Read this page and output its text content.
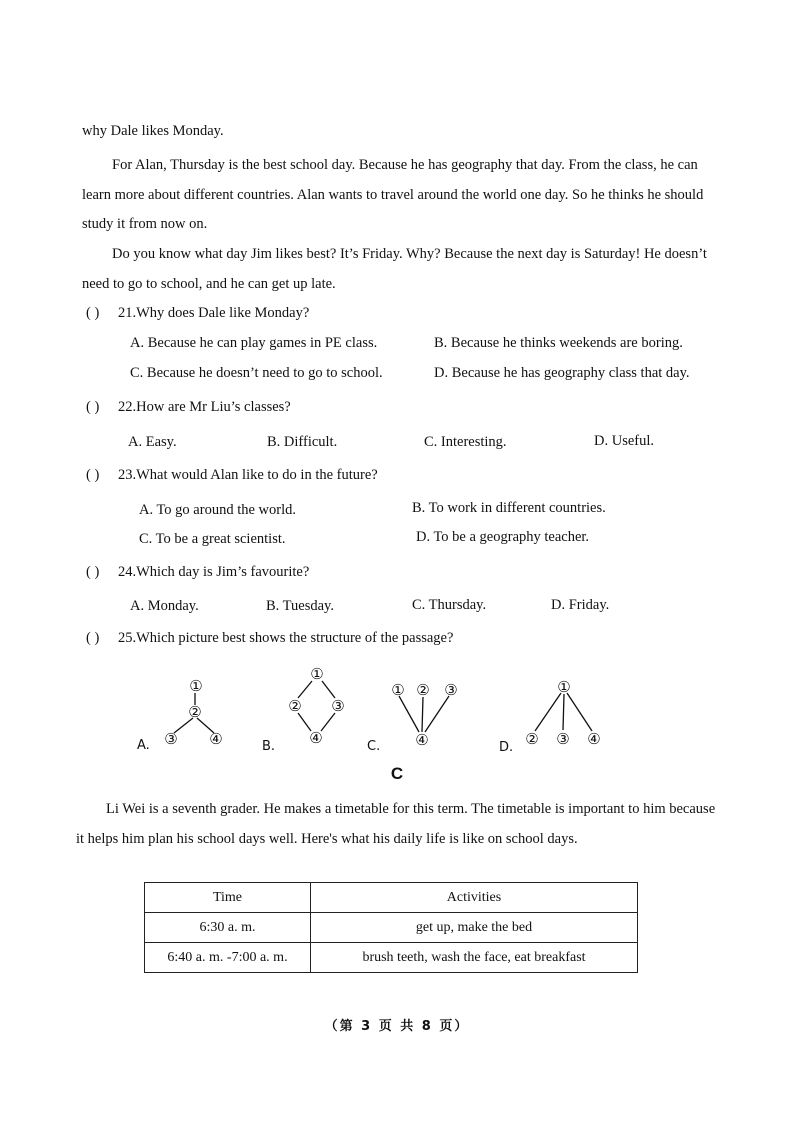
why Dale likes Monday.

For Alan, Thursday is the best school day. Because he has geography that day. From the class, he can learn more about different countries. Alan wants to travel around the world one day. So he thinks he should study it from now on.

Do you know what day Jim likes best? It’s Friday. Why? Because the next day is Saturday! He doesn’t need to go to school, and he can get up late.

( ) 21.Why does Dale like Monday?
A. Because he can play games in PE class.	B. Because he thinks weekends are boring.
C. Because he doesn’t need to go to school.	D. Because he has geography class that day.
( ) 22.How are Mr Liu’s classes?
A. Easy.	B. Difficult.	C. Interesting.	D. Useful.
( ) 23.What would Alan like to do in the future?
A. To go around the world.	B. To work in different countries.
C. To be a great scientist.	D. To be a geography teacher.
( ) 24.Which day is Jim’s favourite?
A. Monday.	B. Tuesday.	C. Thursday.	D. Friday.
( ) 25.Which picture best shows the structure of the passage?
①
②
③ ④
①
② ③
④
① ② ③
④
①
② ③ ④
A.	B.	C.	D.
C

Li Wei is a seventh grader. He makes a timetable for this term. The timetable is important to him because it helps him plan his school days well. Here's what his daily life is like on school days.

Time	Activities
6:30 a. m.	get up, make the bed
6:40 a. m. -7:00 a. m.	brush teeth, wash the face, eat breakfast
（第 3 页 共 8 页）
